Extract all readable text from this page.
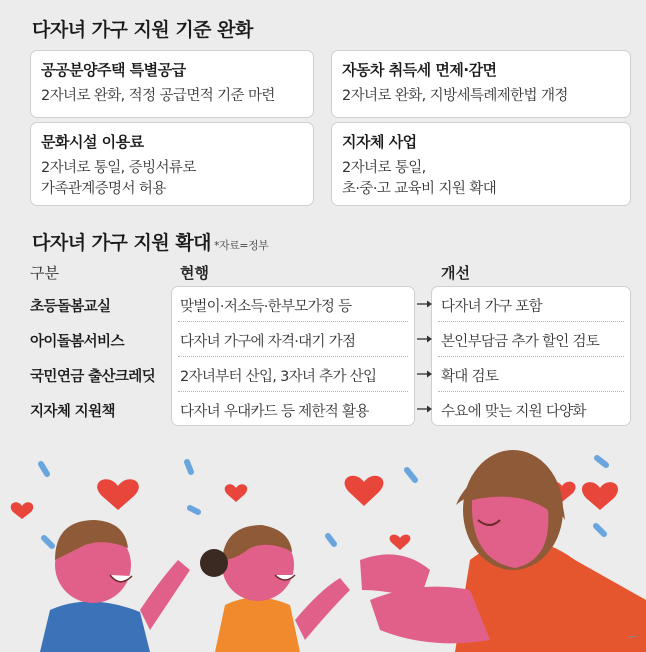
다자녀 가구 지원 기준 완화
공공분양주택 특별공급
2자녀로 완화, 적정 공급면적 기준 마련
자동차 취득세 면제·감면
2자녀로 완화, 지방세특례제한법 개정
문화시설 이용료
2자녀로 통일, 증빙서류로
가족관계증명서 허용
지자체 사업
2자녀로 통일,
초·중·고 교육비 지원 확대
다자녀 가구 지원 확대 *자료=정부
구분	현행	개선
초등돌봄교실
아이돌봄서비스
국민연금 출산크레딧
지자체 지원책
맞벌이·저소득·한부모가정 등
다자녀 가구에 자격·대기 가점
2자녀부터 산입, 3자녀 추가 산입
다자녀 우대카드 등 제한적 활용
다자녀 가구 포함
본인부담금 추가 할인 검토
확대 검토
수요에 맞는 지원 다양화
⌐
